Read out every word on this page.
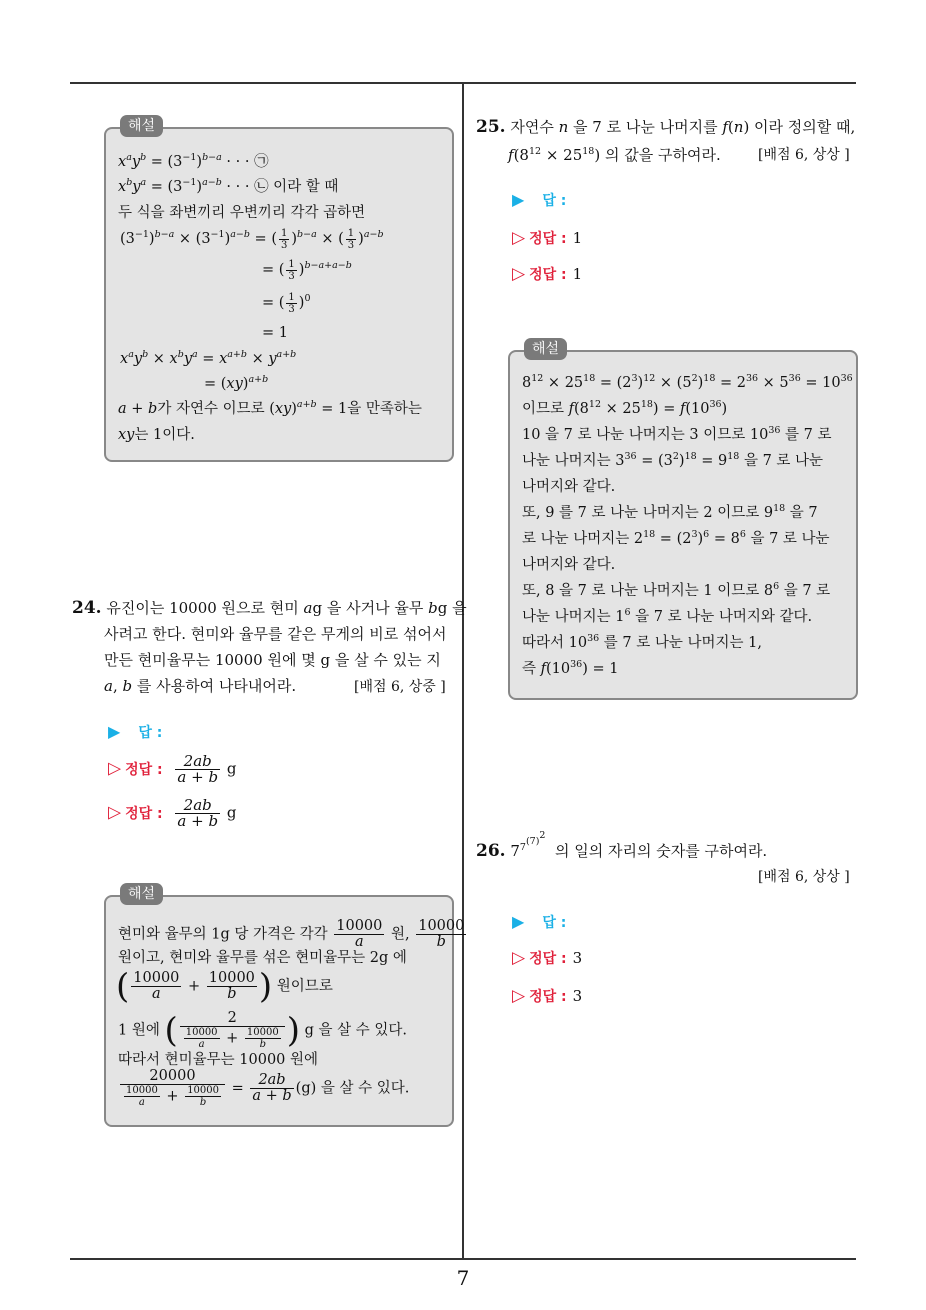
해설
$x^ay^b = (3^{-1})^{b-a}$ · · · ㉠
$x^by^a = (3^{-1})^{a-b}$ · · · ㉡ 이라 할 때
두 식을 좌변끼리 우변끼리 각각 곱하면
$(3^{-1})^{b-a} \times (3^{-1})^{a-b}$ = ( $\frac{1}{3} )^{b-a}$ × ( $\frac{1}{3} )^{a-b}$
= ( $\frac{1}{3} )^{b-a+a-b}$
= ( $\frac{1}{3} )^0$
= 1
$x^ay^b \times x^by^a = x^{a+b} \times y^{a+b}$
= (xy)$^{a+b}$
a + b가 자연수 이므로 (xy)$^{a+b}$ = 1을 만족하는
xy는 1이다.
24. 유진이는 10000 원으로 현미 ag 을 사거나 율무 bg 을
사려고 한다. 현미와 율무를 같은 무게의 비로 섞어서
만든 현미율무는 10000 원에 몇 g 을 살 수 있는 지
a, b 를 사용하여 나타내어라.	[배점 6, 상중 ]
▶ 답 :
▷ 정답 : $\frac{2ab}{a + b}$ g
▷ 정답 : $\frac{2ab}{a + b}$ g
해설
현미와 율무의 1g 당 가격은 각각 $\frac{10000}{a}$ 원, $\frac{10000}{b}$
원이고, 현미와 율무를 섞은 현미율무는 2g 에
( $\frac{10000}{a} + \frac{10000}{b}$ ) 원이므로
1 원에 ( $\frac{2}{\frac{10000}{a} + \frac{10000}{b}}$ ) g 을 살 수 있다.
따라서 현미율무는 10000 원에
$\frac{20000}{\frac{10000}{a} + \frac{10000}{b}} = \frac{2ab}{a + b} (g)$ 을 살 수 있다.
25. 자연수 n 을 7 로 나눈 나머지를 f(n) 이라 정의할 때,
$f(8^{12} \times 25^{18})$ 의 값을 구하여라.	[배점 6, 상상 ]
▶ 답 :
▷ 정답 : 1
▷ 정답 : 1
해설
$8^{12} \times 25^{18} = (2^3)^{12} \times (5^2)^{18} = 2^{36} \times 5^{36} = 10^{36}$
이므로 $f(8^{12} \times 25^{18}) = f(10^{36})$
10 을 7 로 나눈 나머지는 3 이므로 $10^{36}$ 를 7 로
나눈 나머지는 $3^{36} = (3^2)^{18} = 9^{18}$ 을 7 로 나눈
나머지와 같다.
또, 9 를 7 로 나눈 나머지는 2 이므로 $9^{18}$ 을 7
로 나눈 나머지는 $2^{18} = (2^3)^6 = 8^6$ 을 7 로 나눈
나머지와 같다.
또, 8 을 7 로 나눈 나머지는 1 이므로 $8^6$ 을 7 로
나눈 나머지는 $1^6$ 을 7 로 나눈 나머지와 같다.
따라서 $10^{36}$ 를 7 로 나눈 나머지는 1,
즉 $f(10^{36}) = 1$
26. $7^{7^{(7)^2}}$  의 일의 자리의 숫자를 구하여라.
[배점 6, 상상 ]
▶ 답 :
▷ 정답 : 3
▷ 정답 : 3
7
